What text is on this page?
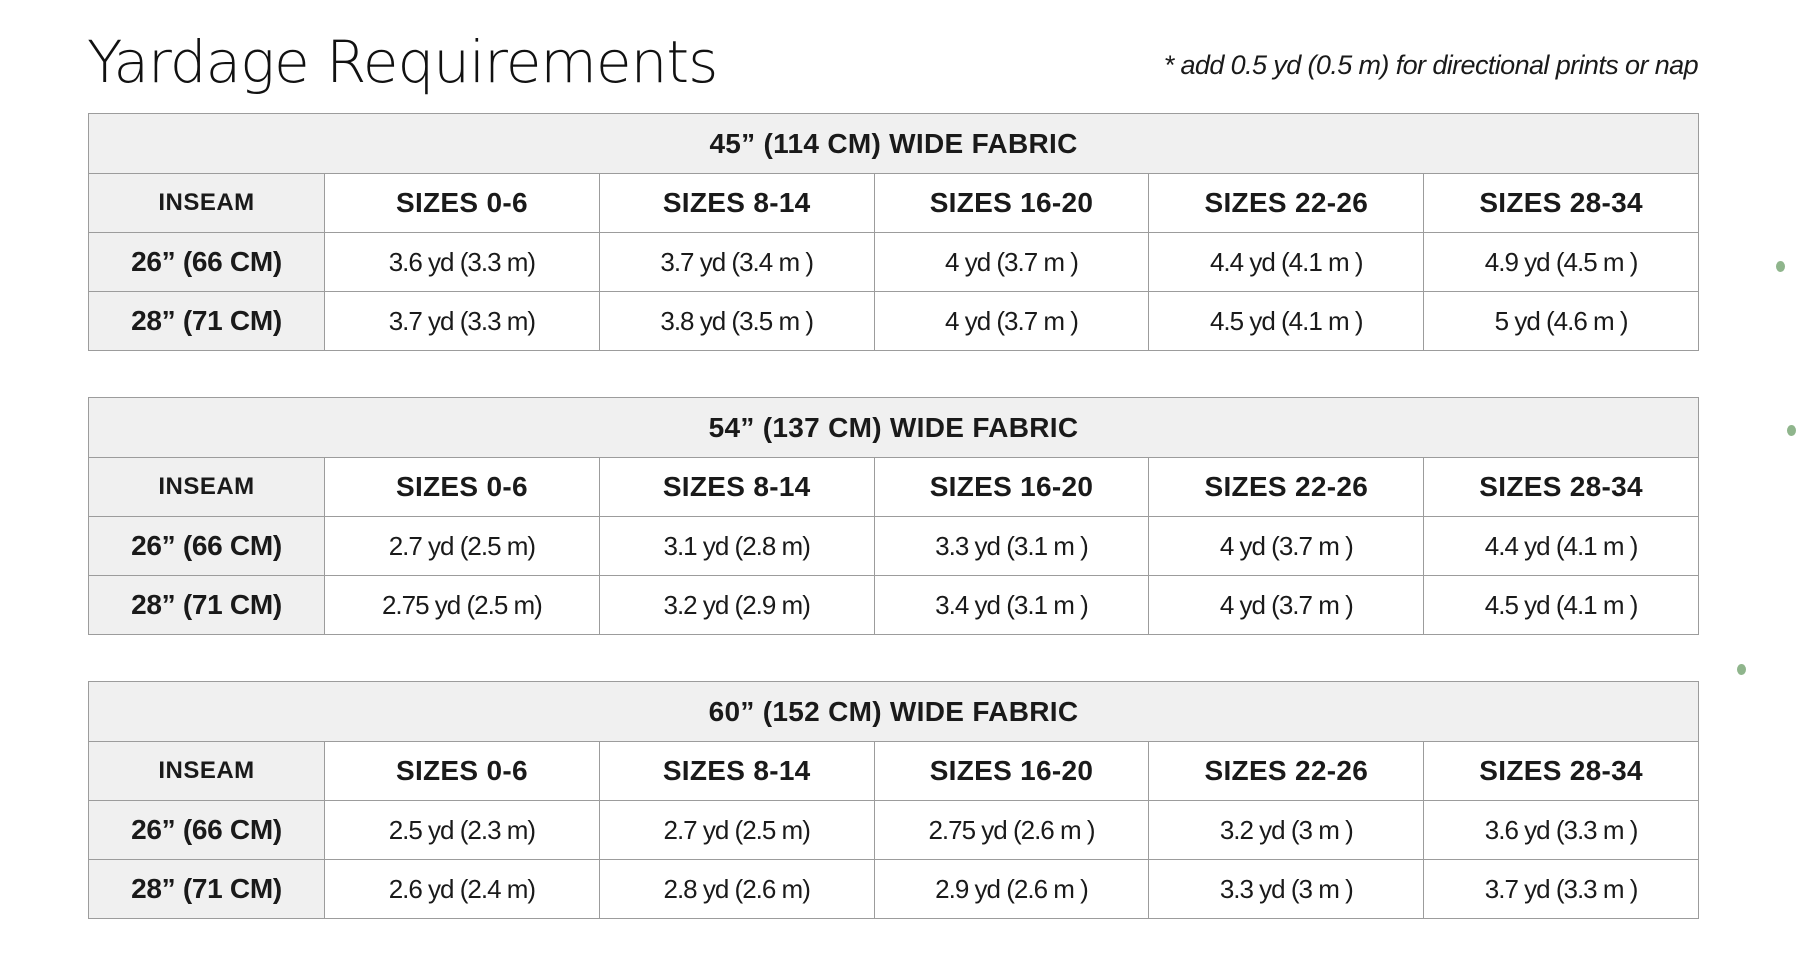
Yardage Requirements	* add 0.5 yd (0.5 m) for directional prints or nap
45” (114 CM) WIDE FABRIC					
INSEAM	SIZES 0-6	SIZES 8-14	SIZES 16-20	SIZES 22-26	SIZES 28-34
26” (66 CM)	3.6 yd (3.3 m)	3.7 yd (3.4 m )	4 yd (3.7 m )	4.4 yd (4.1 m )	4.9 yd (4.5 m )
28” (71 CM)	3.7 yd (3.3 m)	3.8 yd (3.5 m )	4 yd (3.7 m )	4.5 yd (4.1 m )	5 yd (4.6 m )
54” (137 CM) WIDE FABRIC					
INSEAM	SIZES 0-6	SIZES 8-14	SIZES 16-20	SIZES 22-26	SIZES 28-34
26” (66 CM)	2.7 yd (2.5 m)	3.1 yd (2.8 m)	3.3 yd (3.1 m )	4 yd (3.7 m )	4.4 yd (4.1 m )
28” (71 CM)	2.75 yd (2.5 m)	3.2 yd (2.9 m)	3.4 yd (3.1 m )	4 yd (3.7 m )	4.5 yd (4.1 m )
60” (152 CM) WIDE FABRIC					
INSEAM	SIZES 0-6	SIZES 8-14	SIZES 16-20	SIZES 22-26	SIZES 28-34
26” (66 CM)	2.5 yd (2.3 m)	2.7 yd (2.5 m)	2.75 yd (2.6 m )	3.2 yd (3 m )	3.6 yd (3.3 m )
28” (71 CM)	2.6 yd (2.4 m)	2.8 yd (2.6 m)	2.9 yd (2.6 m )	3.3 yd (3 m )	3.7 yd (3.3 m )
